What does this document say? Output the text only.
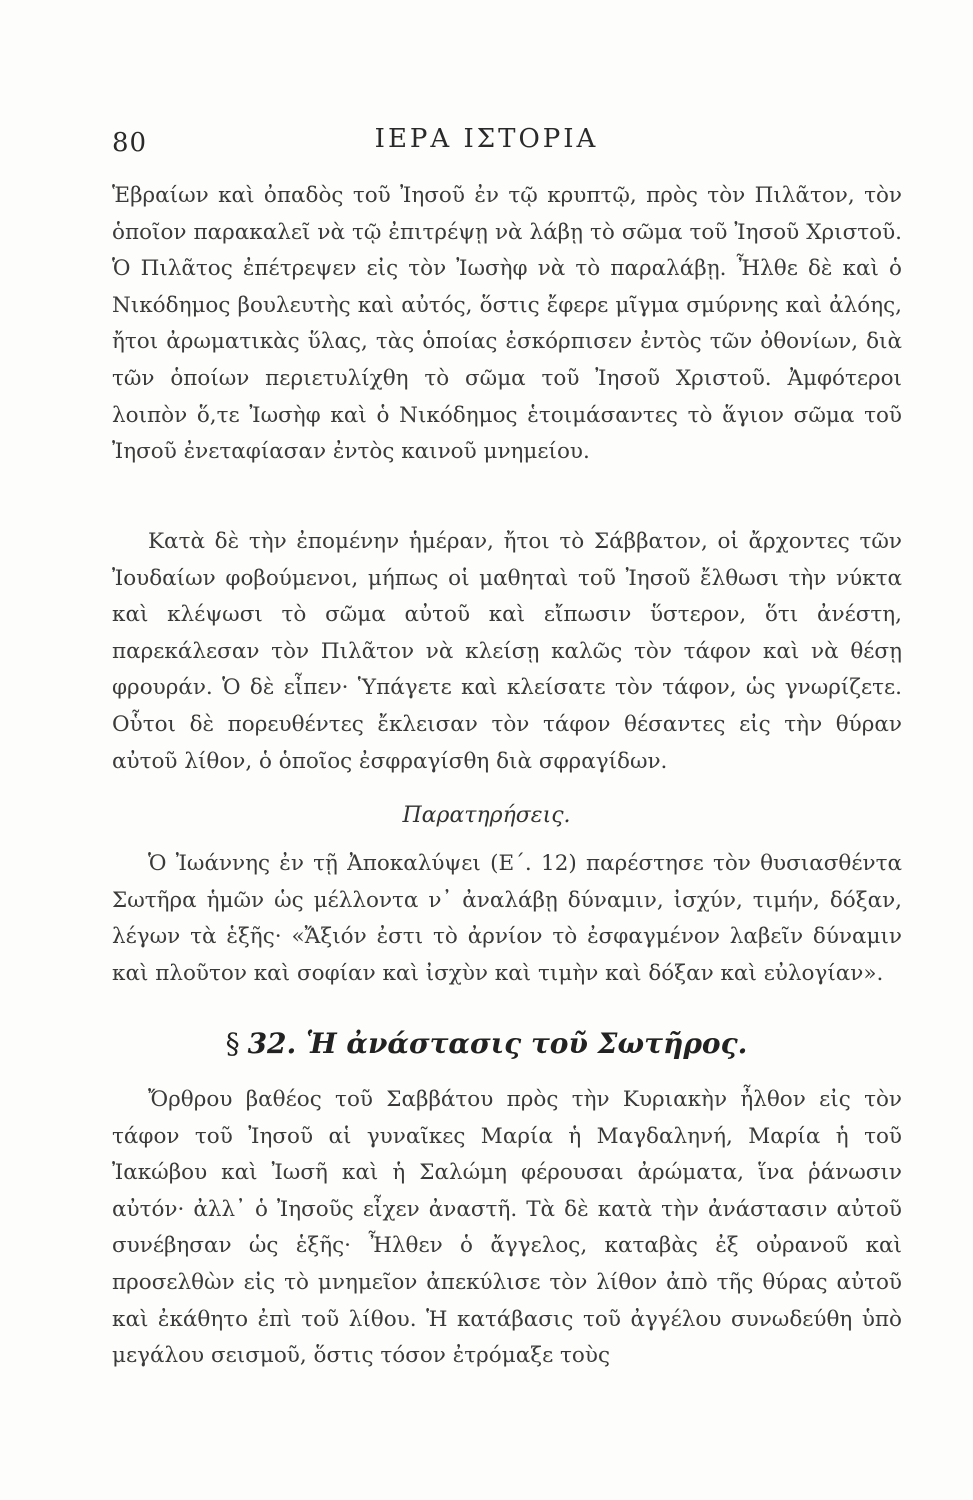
80	ΙΕΡΑ ΙΣΤΟΡΙΑ

Ἑβραίων καὶ ὀπαδὸς τοῦ Ἰησοῦ ἐν τῷ κρυπτῷ, πρὸς τὸν Πιλᾶτον, τὸν ὁποῖον παρακαλεῖ νὰ τῷ ἐπιτρέψῃ νὰ λάβῃ τὸ σῶμα τοῦ Ἰησοῦ Χριστοῦ. Ὁ Πιλᾶτος ἐπέτρεψεν εἰς τὸν Ἰωσὴφ νὰ τὸ παραλάβῃ. Ἦλθε δὲ καὶ ὁ Νικόδημος βουλευτὴς καὶ αὐτός, ὅστις ἔφερε μῖγμα σμύρνης καὶ ἀλόης, ἤτοι ἀρωματικὰς ὕλας, τὰς ὁποίας ἐσκόρπισεν ἐντὸς τῶν ὀθονίων, διὰ τῶν ὁποίων περιετυλίχθη τὸ σῶμα τοῦ Ἰησοῦ Χριστοῦ. Ἀμφότεροι λοιπὸν ὅ,τε Ἰωσὴφ καὶ ὁ Νικόδημος ἑτοιμάσαντες τὸ ἅγιον σῶμα τοῦ Ἰησοῦ ἐνεταφίασαν ἐντὸς καινοῦ μνημείου.

Κατὰ δὲ τὴν ἐπομένην ἡμέραν, ἤτοι τὸ Σάββατον, οἱ ἄρχοντες τῶν Ἰουδαίων φοβούμενοι, μήπως οἱ μαθηταὶ τοῦ Ἰησοῦ ἔλθωσι τὴν νύκτα καὶ κλέψωσι τὸ σῶμα αὐτοῦ καὶ εἴπωσιν ὕστερον, ὅτι ἀνέστη, παρεκάλεσαν τὸν Πιλᾶτον νὰ κλείσῃ καλῶς τὸν τάφον καὶ νὰ θέσῃ φρουράν. Ὁ δὲ εἶπεν· Ὑπάγετε καὶ κλείσατε τὸν τάφον, ὡς γνωρίζετε. Οὗτοι δὲ πορευθέντες ἔκλεισαν τὸν τάφον θέσαντες εἰς τὴν θύραν αὐτοῦ λίθον, ὁ ὁποῖος ἐσφραγίσθη διὰ σφραγίδων.

Παρατηρήσεις.

Ὁ Ἰωάννης ἐν τῇ Ἀποκαλύψει (Ε΄. 12) παρέστησε τὸν θυσιασθέντα Σωτῆρα ἡμῶν ὡς μέλλοντα ν᾽ ἀναλάβῃ δύναμιν, ἰσχύν, τιμήν, δόξαν, λέγων τὰ ἑξῆς· «Ἄξιόν ἐστι τὸ ἀρνίον τὸ ἐσφαγμένον λαβεῖν δύναμιν καὶ πλοῦτον καὶ σοφίαν καὶ ἰσχὺν καὶ τιμὴν καὶ δόξαν καὶ εὐλογίαν».

§ 32. Ἡ ἀνάστασις τοῦ Σωτῆρος.

Ὄρθρου βαθέος τοῦ Σαββάτου πρὸς τὴν Κυριακὴν ἦλθον εἰς τὸν τάφον τοῦ Ἰησοῦ αἱ γυναῖκες Μαρία ἡ Μαγδαληνή, Μαρία ἡ τοῦ Ἰακώβου καὶ Ἰωσῆ καὶ ἡ Σαλώμη φέρουσαι ἀρώματα, ἵνα ῥάνωσιν αὐτόν· ἀλλ᾽ ὁ Ἰησοῦς εἶχεν ἀναστῆ. Τὰ δὲ κατὰ τὴν ἀνάστασιν αὐτοῦ συνέβησαν ὡς ἑξῆς· Ἦλθεν ὁ ἄγγελος, καταβὰς ἐξ οὐρανοῦ καὶ προσελθὼν εἰς τὸ μνημεῖον ἀπεκύλισε τὸν λίθον ἀπὸ τῆς θύρας αὐτοῦ καὶ ἐκάθητο ἐπὶ τοῦ λίθου. Ἡ κατάβασις τοῦ ἀγγέλου συνωδεύθη ὑπὸ μεγάλου σεισμοῦ, ὅστις τόσον ἐτρόμαξε τοὺς
